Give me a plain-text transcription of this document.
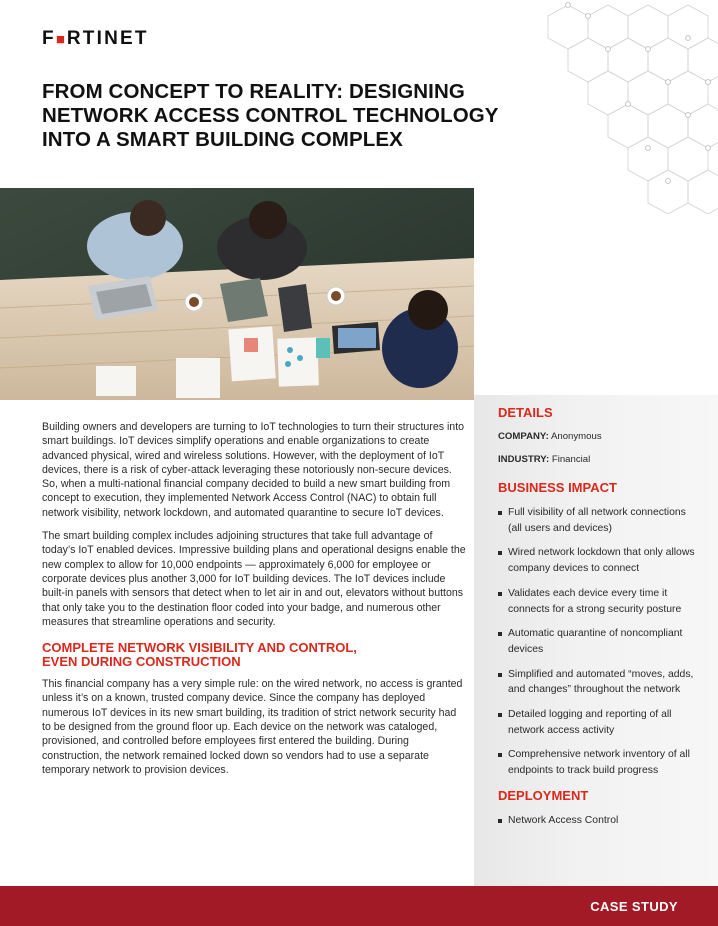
F■RTINET
FROM CONCEPT TO REALITY: DESIGNING
NETWORK ACCESS CONTROL TECHNOLOGY
INTO A SMART BUILDING COMPLEX

Building owners and developers are turning to IoT technologies to turn their structures into smart buildings. IoT devices simplify operations and enable organizations to create advanced physical, wired and wireless solutions. However, with the deployment of IoT devices, there is a risk of cyber-attack leveraging these notoriously non-secure devices. So, when a multi-national financial company decided to build a new smart building from concept to execution, they implemented Network Access Control (NAC) to obtain full network visibility, network lockdown, and automated quarantine to secure IoT devices.

The smart building complex includes adjoining structures that take full advantage of today’s IoT enabled devices. Impressive building plans and operational designs enable the new complex to allow for 10,000 endpoints — approximately 6,000 for employee or corporate devices plus another 3,000 for IoT building devices. The IoT devices include built-in panels with sensors that detect when to let air in and out, elevators without buttons that only take you to the destination floor coded into your badge, and numerous other measures that streamline operations and security.

COMPLETE NETWORK VISIBILITY AND CONTROL,
EVEN DURING CONSTRUCTION

This financial company has a very simple rule: on the wired network, no access is granted unless it’s on a known, trusted company device. Since the company has deployed numerous IoT devices in its new smart building, its tradition of strict network security had to be designed from the ground floor up. Each device on the network was cataloged, provisioned, and controlled before employees first entered the building. During construction, the network remained locked down so vendors had to use a separate temporary network to provision devices.

DETAILS
COMPANY: Anonymous
INDUSTRY: Financial
BUSINESS IMPACT
Full visibility of all network connections (all users and devices)
Wired network lockdown that only allows company devices to connect
Validates each device every time it connects for a strong security posture
Automatic quarantine of noncompliant devices
Simplified and automated “moves, adds, and changes” throughout the network
Detailed logging and reporting of all network access activity
Comprehensive network inventory of all endpoints to track build progress
DEPLOYMENT
Network Access Control
CASE STUDY
